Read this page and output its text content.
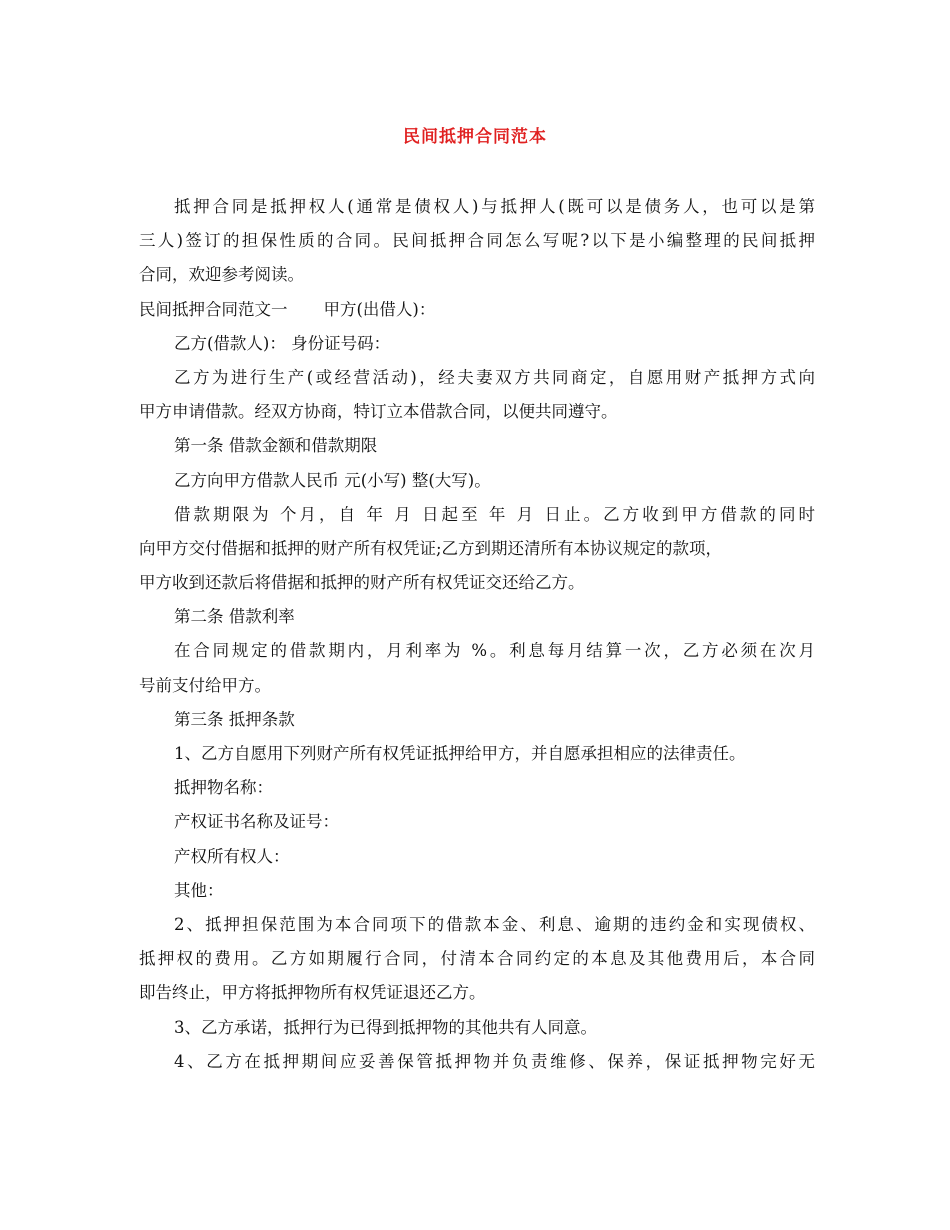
民间抵押合同范本
抵押合同是抵押权人(通常是债权人)与抵押人(既可以是债务人，也可以是第
三人)签订的担保性质的合同。民间抵押合同怎么写呢?以下是小编整理的民间抵押
合同，欢迎参考阅读。
民间抵押合同范文一 甲方(出借人)：
乙方(借款人)： 身份证号码：
乙方为进行生产(或经营活动)，经夫妻双方共同商定，自愿用财产抵押方式向
甲方申请借款。经双方协商，特订立本借款合同，以便共同遵守。
第一条 借款金额和借款期限
乙方向甲方借款人民币 元(小写) 整(大写)。
借款期限为 个月，自 年 月 日起至 年 月 日止。乙方收到甲方借款的同时
向甲方交付借据和抵押的财产所有权凭证;乙方到期还清所有本协议规定的款项，
甲方收到还款后将借据和抵押的财产所有权凭证交还给乙方。
第二条 借款利率
在合同规定的借款期内，月利率为 %。利息每月结算一次，乙方必须在次月
号前支付给甲方。
第三条 抵押条款
1、乙方自愿用下列财产所有权凭证抵押给甲方，并自愿承担相应的法律责任。
抵押物名称：
产权证书名称及证号：
产权所有权人：
其他：
2、抵押担保范围为本合同项下的借款本金、利息、逾期的违约金和实现债权、
抵押权的费用。乙方如期履行合同，付清本合同约定的本息及其他费用后，本合同
即告终止，甲方将抵押物所有权凭证退还乙方。
3、乙方承诺，抵押行为已得到抵押物的其他共有人同意。
4、乙方在抵押期间应妥善保管抵押物并负责维修、保养，保证抵押物完好无
